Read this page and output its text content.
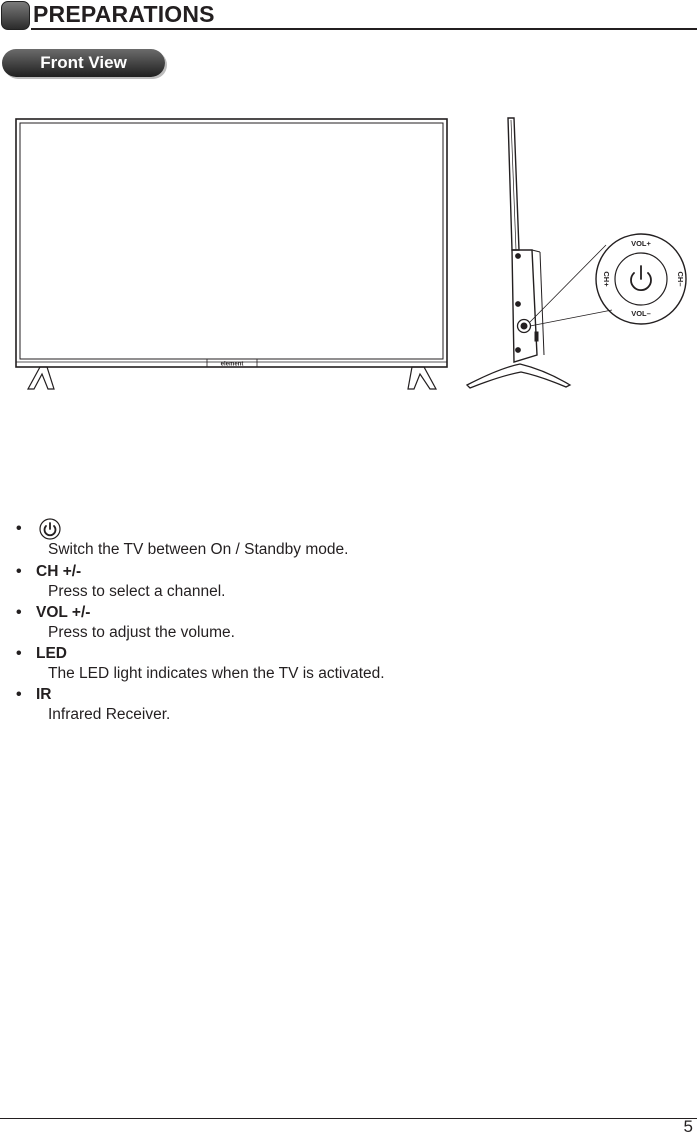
PREPARATIONS
Front View
element
VOL+
VOL–
CH+	CH–
•
Switch the TV between On / Standby mode.
• CH +/-
Press to select a channel.
• VOL +/-
Press to adjust the volume.
• LED
The LED light indicates when the TV is activated.
• IR
Infrared Receiver.
5
